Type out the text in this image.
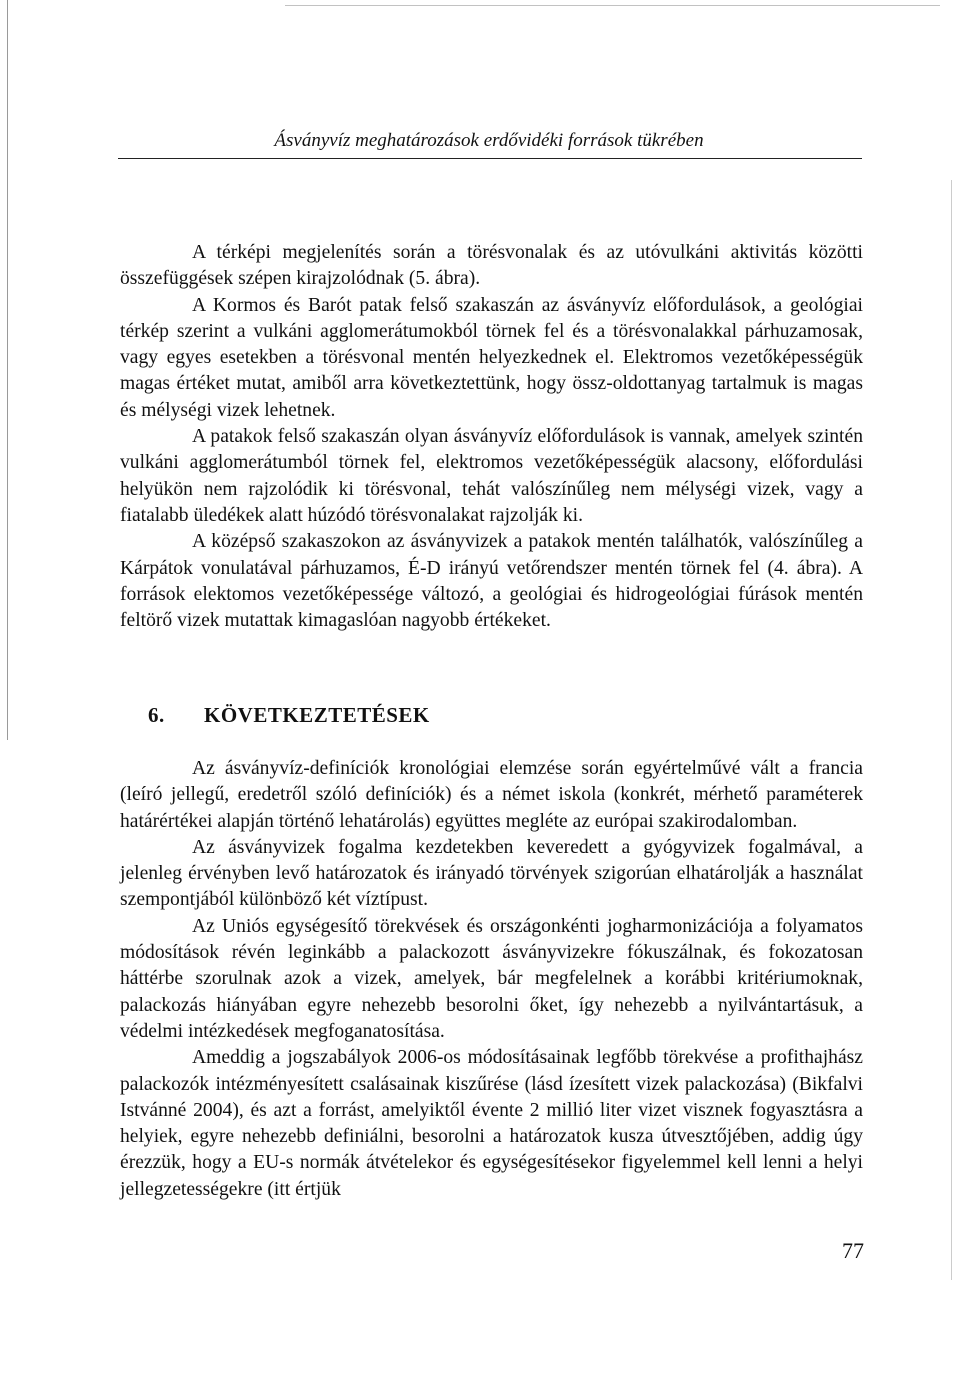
Ásványvíz meghatározások erdővidéki források tükrében

A térképi megjelenítés során a törésvonalak és az utóvulkáni aktivitás közötti összefüggések szépen kirajzolódnak (5. ábra).

A Kormos és Barót patak felső szakaszán az ásványvíz előfordulások, a geológiai térkép szerint a vulkáni agglomerátumokból törnek fel és a törésvonalakkal párhuzamosak, vagy egyes esetekben a törésvonal mentén helyezkednek el. Elektromos vezetőképességük magas értéket mutat, amiből arra következtettünk, hogy össz-oldottanyag tartalmuk is magas és mélységi vizek lehetnek.

A patakok felső szakaszán olyan ásványvíz előfordulások is vannak, amelyek szintén vulkáni agglomerátumból törnek fel, elektromos vezetőképességük alacsony, előfordulási helyükön nem rajzolódik ki törésvonal, tehát valószínűleg nem mélységi vizek, vagy a fiatalabb üledékek alatt húzódó törésvonalakat rajzolják ki.

A középső szakaszokon az ásványvizek a patakok mentén találhatók, valószínűleg a Kárpátok vonulatával párhuzamos, É-D irányú vetőrendszer mentén törnek fel (4. ábra). A források elektomos vezetőképessége változó, a geológiai és hidrogeológiai fúrások mentén feltörő vizek mutattak kimagaslóan nagyobb értékeket.

6. KÖVETKEZTETÉSEK

Az ásványvíz-definíciók kronológiai elemzése során egyértelművé vált a francia (leíró jellegű, eredetről szóló definíciók) és a német iskola (konkrét, mérhető paraméterek határértékei alapján történő lehatárolás) együttes megléte az európai szakirodalomban.

Az ásványvizek fogalma kezdetekben keveredett a gyógyvizek fogalmával, a jelenleg érvényben levő határozatok és irányadó törvények szigorúan elhatárolják a használat szempontjából különböző két víztípust.

Az Uniós egységesítő törekvések és országonkénti jogharmonizációja a folyamatos módosítások révén leginkább a palackozott ásványvizekre fókuszálnak, és fokozatosan háttérbe szorulnak azok a vizek, amelyek, bár megfelelnek a korábbi kritériumoknak, palackozás hiányában egyre nehezebb besorolni őket, így nehezebb a nyilvántartásuk, a védelmi intézkedések megfoganatosítása.

Ameddig a jogszabályok 2006-os módosításainak legfőbb törekvése a profithajhász palackozók intézményesített csalásainak kiszűrése (lásd ízesített vizek palackozása) (Bikfalvi Istvánné 2004), és azt a forrást, amelyiktől évente 2 millió liter vizet visznek fogyasztásra a helyiek, egyre nehezebb definiálni, besorolni a határozatok kusza útvesztőjében, addig úgy érezzük, hogy a EU-s normák átvételekor és egységesítésekor figyelemmel kell lenni a helyi jellegzetességekre (itt értjük

77
